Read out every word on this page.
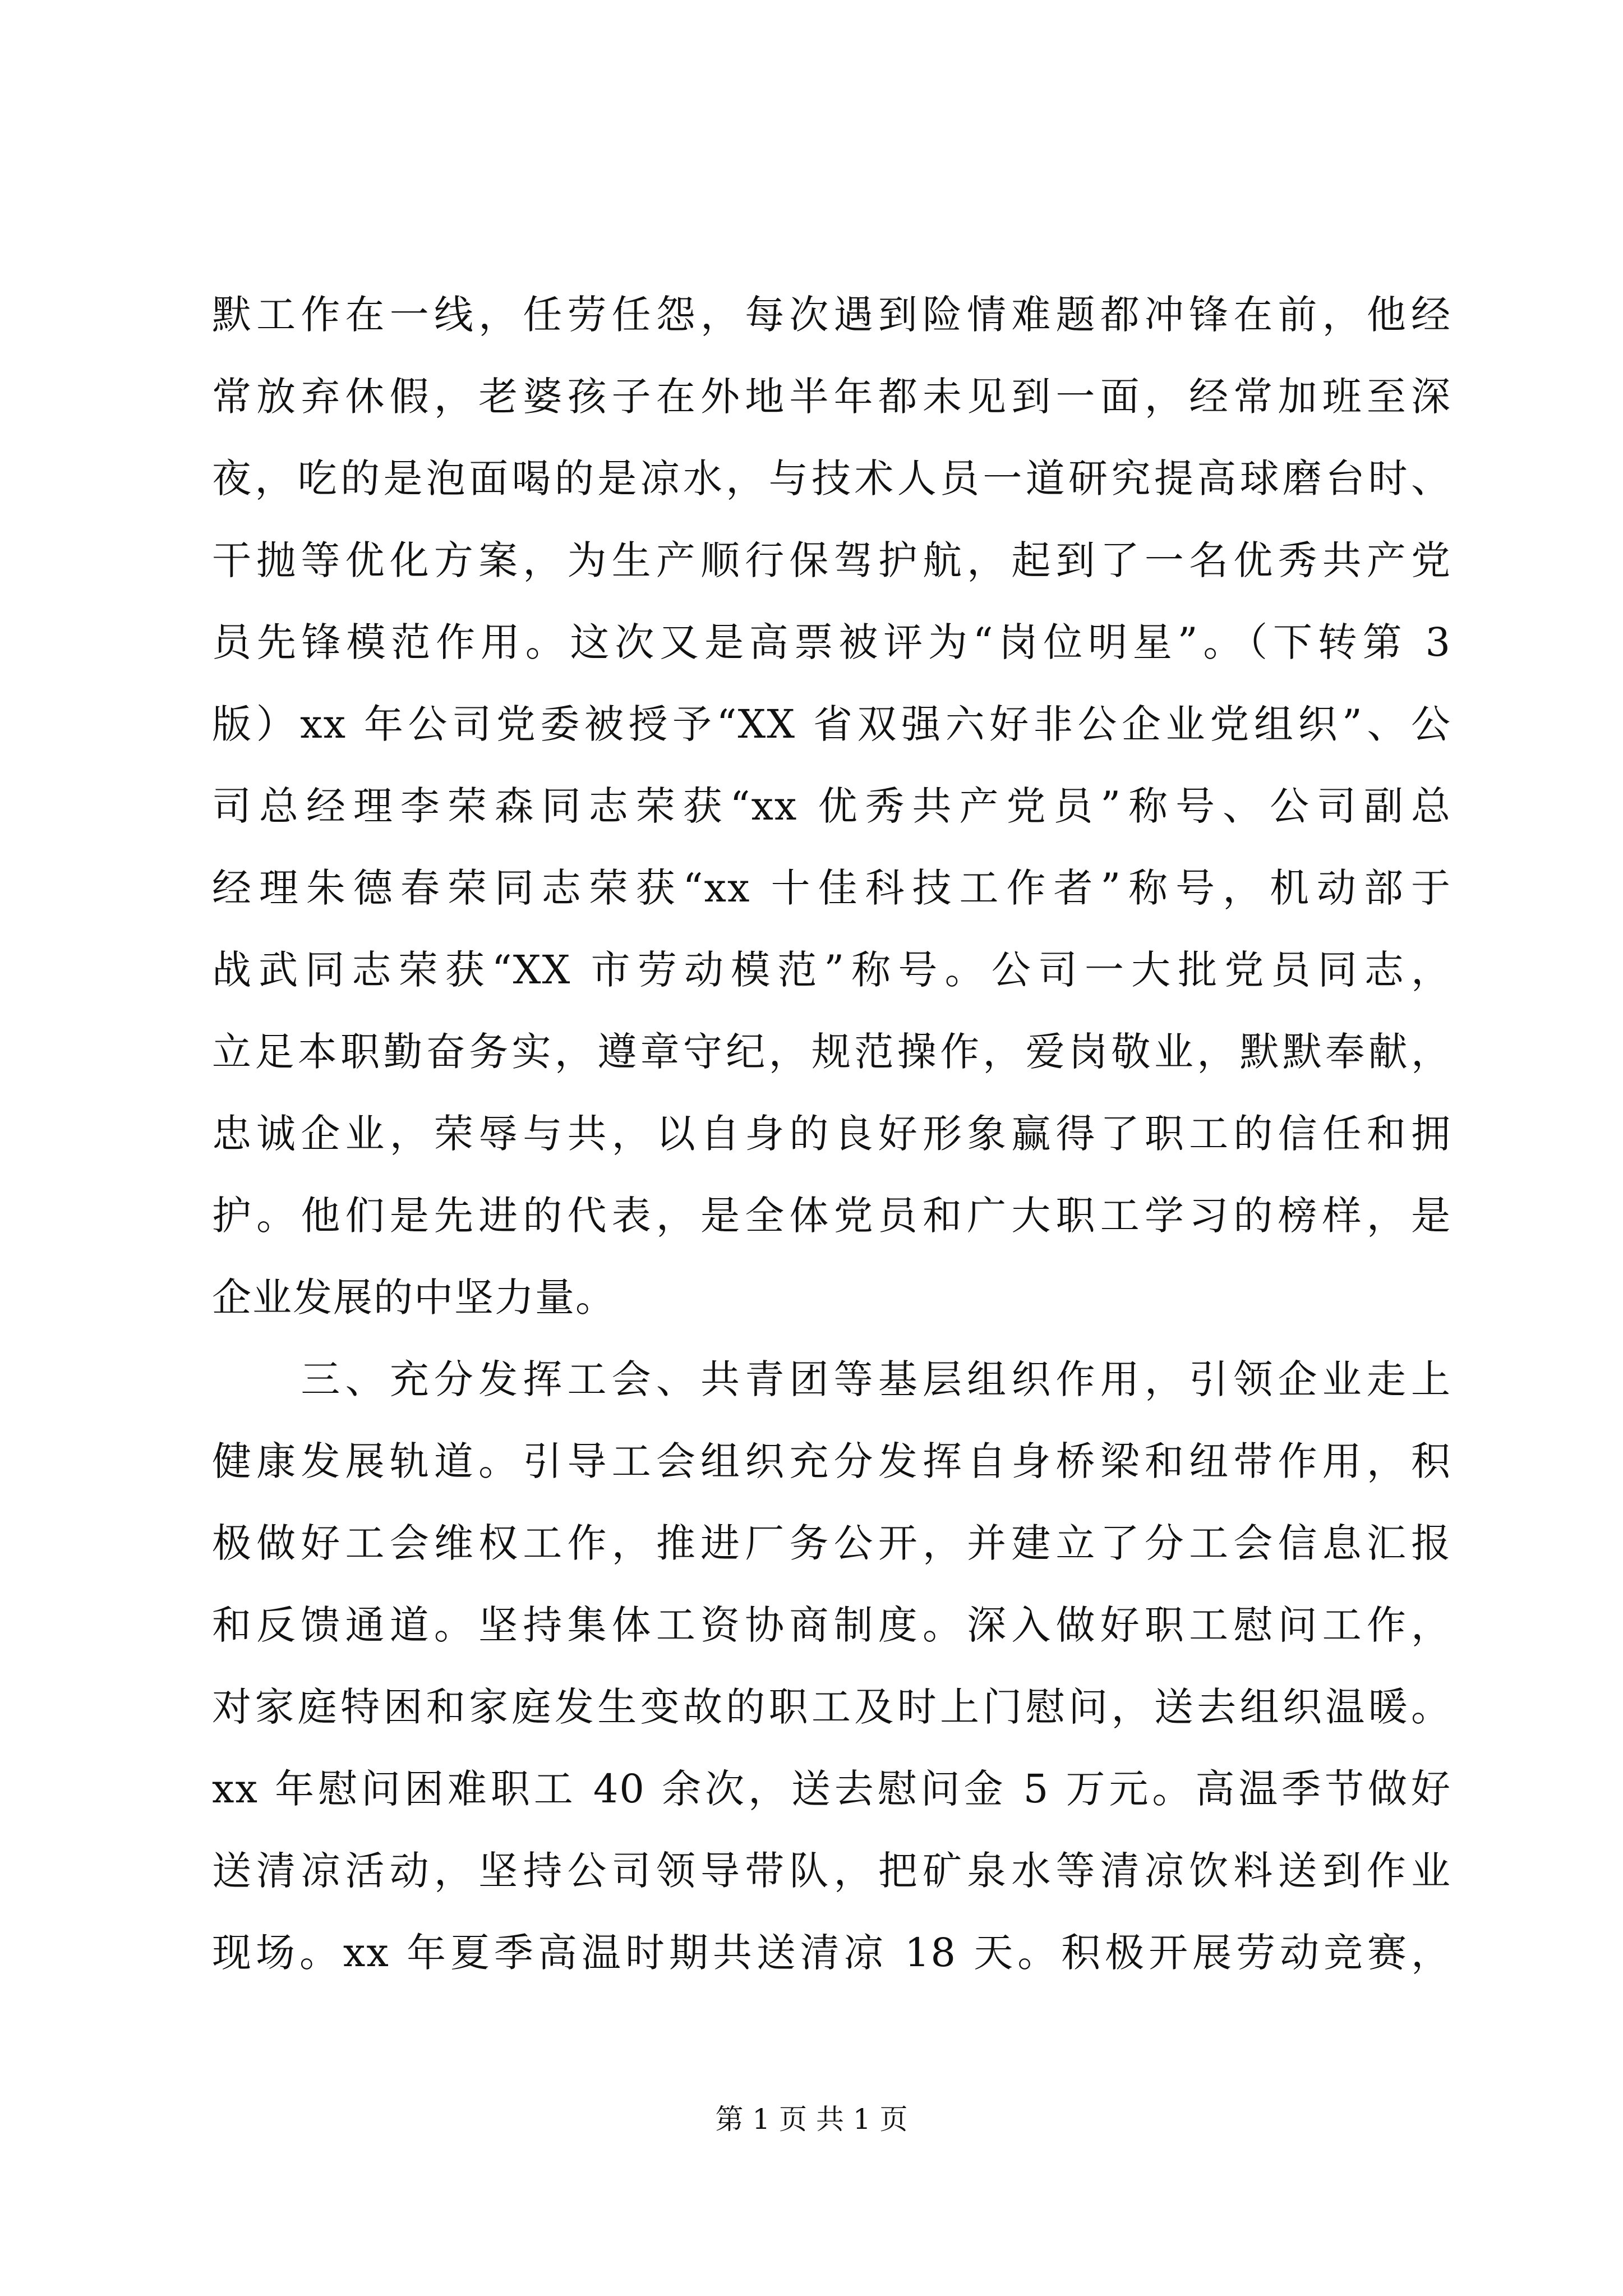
默工作在一线，任劳任怨，每次遇到险情难题都冲锋在前，他经
常放弃休假，老婆孩子在外地半年都未见到一面，经常加班至深
夜，吃的是泡面喝的是凉水，与技术人员一道研究提高球磨台时、
干抛等优化方案，为生产顺行保驾护航，起到了一名优秀共产党
员先锋模范作用。这次又是高票被评为“岗位明星”。（下转第 3
版）xx 年公司党委被授予“XX 省双强六好非公企业党组织”、公
司总经理李荣森同志荣获“xx 优秀共产党员”称号、公司副总
经理朱德春荣同志荣获“xx 十佳科技工作者”称号，机动部于
战武同志荣获“XX 市劳动模范”称号。公司一大批党员同志，
立足本职勤奋务实，遵章守纪，规范操作，爱岗敬业，默默奉献，
忠诚企业，荣辱与共，以自身的良好形象赢得了职工的信任和拥
护。他们是先进的代表，是全体党员和广大职工学习的榜样，是
企业发展的中坚力量。
　　三、充分发挥工会、共青团等基层组织作用，引领企业走上
健康发展轨道。引导工会组织充分发挥自身桥梁和纽带作用，积
极做好工会维权工作，推进厂务公开，并建立了分工会信息汇报
和反馈通道。坚持集体工资协商制度。深入做好职工慰问工作，
对家庭特困和家庭发生变故的职工及时上门慰问，送去组织温暖。
xx 年慰问困难职工 40 余次，送去慰问金 5 万元。高温季节做好
送清凉活动，坚持公司领导带队，把矿泉水等清凉饮料送到作业
现场。xx 年夏季高温时期共送清凉 18 天。积极开展劳动竞赛，
第 1 页 共 1 页
